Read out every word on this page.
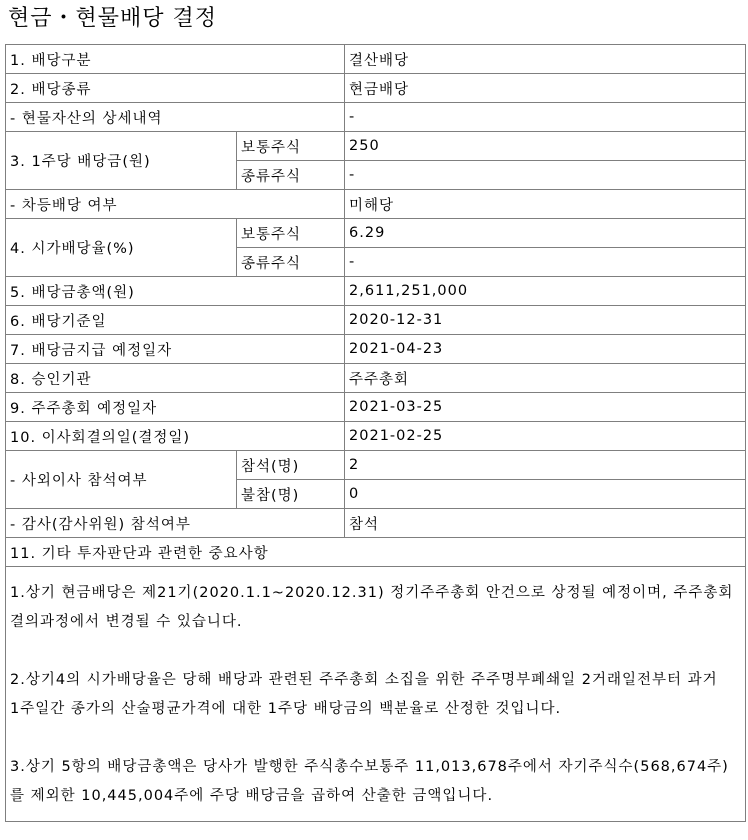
현금・현물배당 결정
1. 배당구분		결산배당
2. 배당종류		현금배당
- 현물자산의 상세내역		-
3. 1주당 배당금(원)	보통주식	250
	종류주식	-
- 차등배당 여부		미해당
4. 시가배당율(%)	보통주식	6.29
	종류주식	-
5. 배당금총액(원)		2,611,251,000
6. 배당기준일		2020-12-31
7. 배당금지급 예정일자		2021-04-23
8. 승인기관		주주총회
9. 주주총회 예정일자		2021-03-25
10. 이사회결의일(결정일)		2021-02-25
- 사외이사 참석여부	참석(명)	2
	불참(명)	0
- 감사(감사위원) 참석여부		참석
11. 기타 투자판단과 관련한 중요사항		

1.상기 현금배당은 제21기(2020.1.1~2020.12.31) 정기주주총회 안건으로 상정될 예정이며, 주주총회 결의과정에서 변경될 수 있습니다.

2.상기4의 시가배당율은 당해 배당과 관련된 주주총회 소집을 위한 주주명부폐쇄일 2거래일전부터 과거 1주일간 종가의 산술평균가격에 대한 1주당 배당금의 백분율로 산정한 것입니다.

3.상기 5항의 배당금총액은 당사가 발행한 주식총수보통주 11,013,678주에서 자기주식수(568,674주)를 제외한 10,445,004주에 주당 배당금을 곱하여 산출한 금액입니다.		
